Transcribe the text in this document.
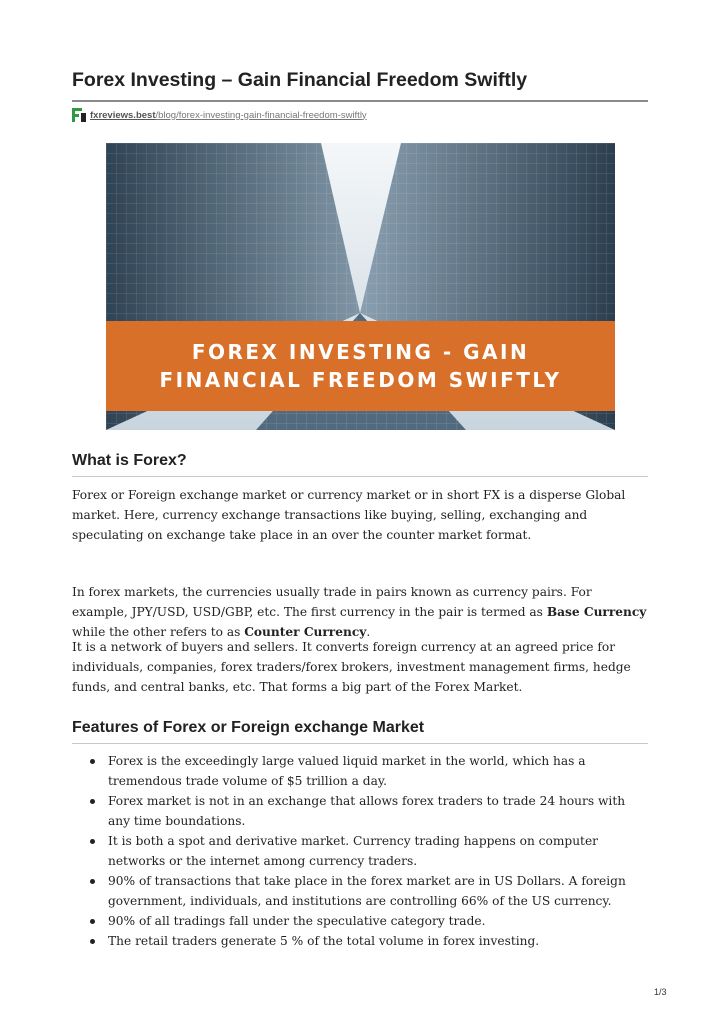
Forex Investing – Gain Financial Freedom Swiftly
fxreviews.best /blog/forex-investing-gain-financial-freedom-swiftly
FOREX INVESTING - GAIN
FINANCIAL FREEDOM SWIFTLY
What is Forex?

Forex or Foreign exchange market or currency market or in short FX is a disperse Global market. Here, currency exchange transactions like buying, selling, exchanging and speculating on exchange take place in an over the counter market format.

In forex markets, the currencies usually trade in pairs known as currency pairs. For example, JPY/USD, USD/GBP, etc. The first currency in the pair is termed as Base Currency while the other refers to as Counter Currency.

It is a network of buyers and sellers. It converts foreign currency at an agreed price for individuals, companies, forex traders/forex brokers, investment management firms, hedge funds, and central banks, etc. That forms a big part of the Forex Market.

Features of Forex or Foreign exchange Market
Forex is the exceedingly large valued liquid market in the world, which has a tremendous trade volume of $5 trillion a day.
Forex market is not in an exchange that allows forex traders to trade 24 hours with any time boundations.
It is both a spot and derivative market. Currency trading happens on computer networks or the internet among currency traders.
90% of transactions that take place in the forex market are in US Dollars. A foreign government, individuals, and institutions are controlling 66% of the US currency.
90% of all tradings fall under the speculative category trade.
The retail traders generate 5 % of the total volume in forex investing.
1/3
